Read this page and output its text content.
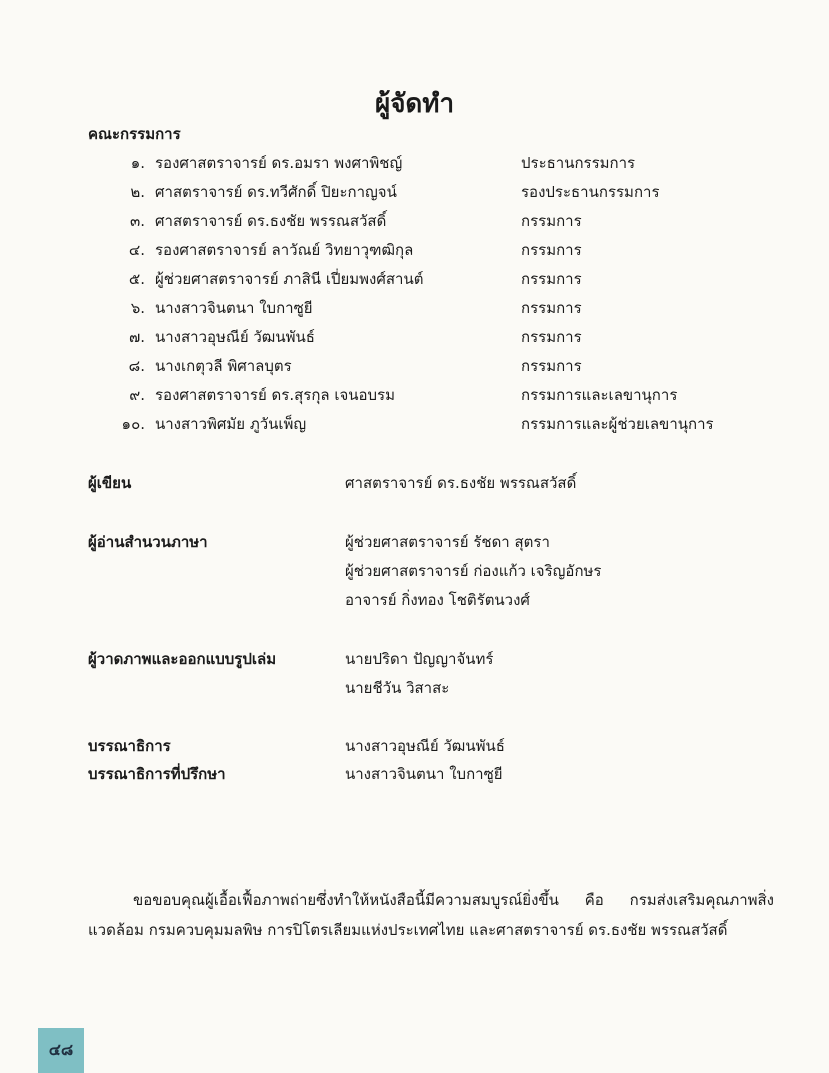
ผู้จัดทำ
คณะกรรมการ
๑. รองศาสตราจารย์ ดร.อมรา พงศาพิชญ์	ประธานกรรมการ
๒. ศาสตราจารย์ ดร.ทวีศักดิ์ ปิยะกาญจน์	รองประธานกรรมการ
๓. ศาสตราจารย์ ดร.ธงชัย พรรณสวัสดิ์	กรรมการ
๔. รองศาสตราจารย์ ลาวัณย์ วิทยาวุฑฒิกุล	กรรมการ
๕. ผู้ช่วยศาสตราจารย์ ภาสินี เปี่ยมพงศ์สานต์	กรรมการ
๖. นางสาวจินตนา ใบกาซูยี	กรรมการ
๗. นางสาวอุษณีย์ วัฒนพันธ์	กรรมการ
๘. นางเกตุวลี พิศาลบุตร	กรรมการ
๙. รองศาสตราจารย์ ดร.สุรกุล เจนอบรม	กรรมการและเลขานุการ
๑๐. นางสาวพิศมัย ภูวันเพ็ญ	กรรมการและผู้ช่วยเลขานุการ
ผู้เขียน	ศาสตราจารย์ ดร.ธงชัย พรรณสวัสดิ์
ผู้อ่านสำนวนภาษา	ผู้ช่วยศาสตราจารย์ รัชดา สุตรา
ผู้ช่วยศาสตราจารย์ ก่องแก้ว เจริญอักษร
อาจารย์ กิ่งทอง โชติรัตนวงศ์
ผู้วาดภาพและออกแบบรูปเล่ม	นายปริดา ปัญญาจันทร์
นายชีวัน วิสาสะ
บรรณาธิการ	นางสาวอุษณีย์ วัฒนพันธ์
บรรณาธิการที่ปรึกษา	นางสาวจินตนา ใบกาซูยี
ขอขอบคุณผู้เอื้อเฟื้อภาพถ่ายซึ่งทำให้หนังสือนี้มีความสมบูรณ์ยิ่งขึ้น คือ กรมส่งเสริมคุณภาพสิ่งแวดล้อม กรมควบคุมมลพิษ การปิโตรเลียมแห่งประเทศไทย และศาสตราจารย์ ดร.ธงชัย พรรณสวัสดิ์
๔๘
